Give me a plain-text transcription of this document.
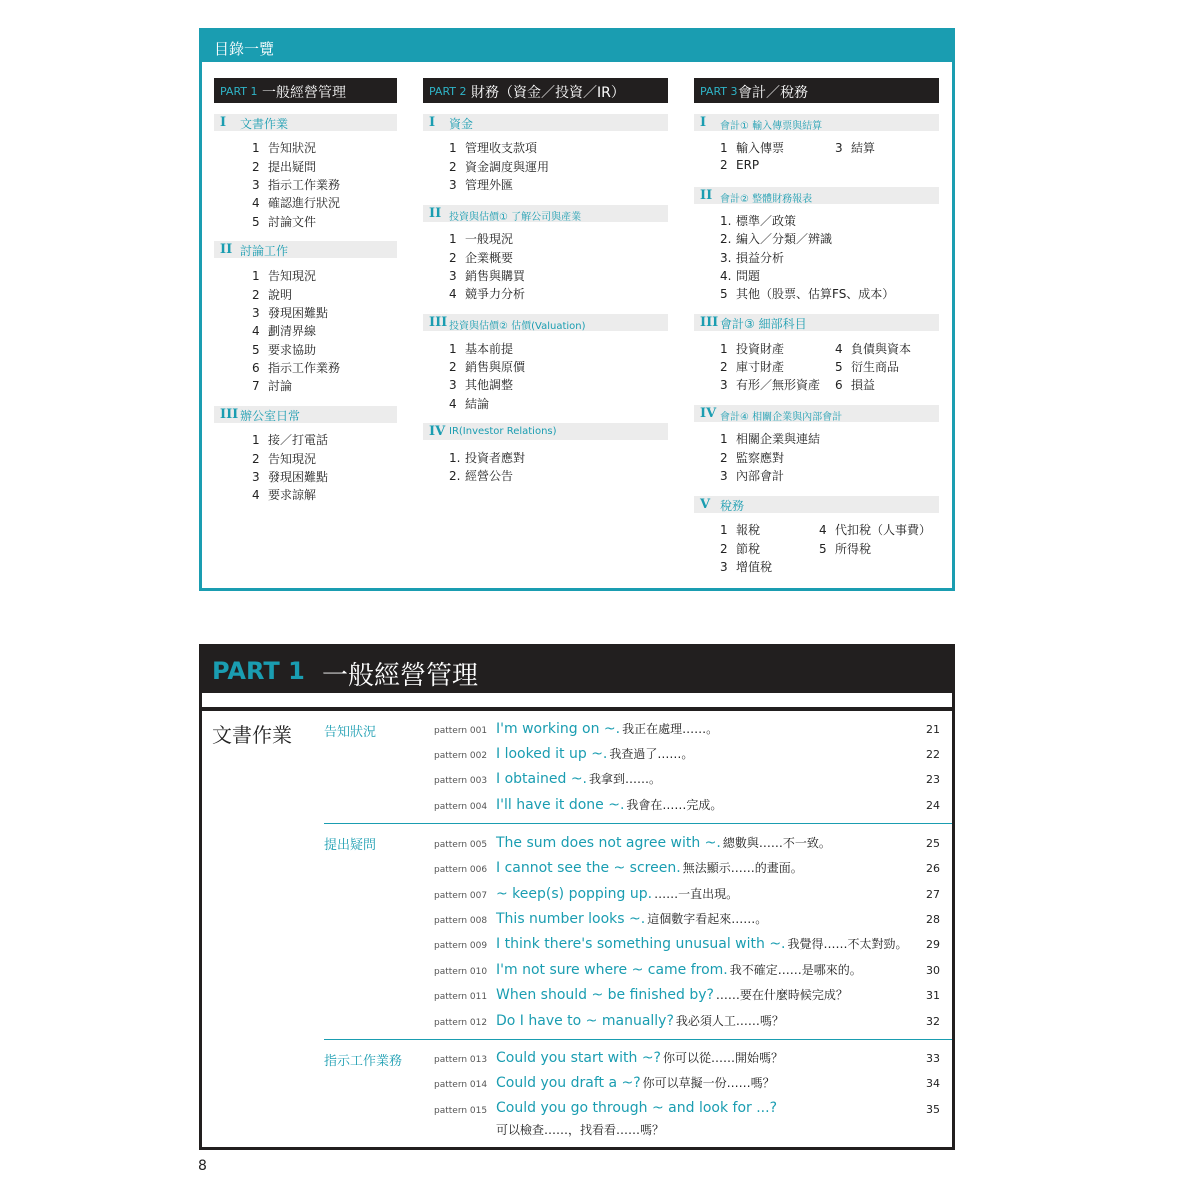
目錄一覽
PART 1 一般經營管理	PART 2 財務（資金／投資／IR）	PART 3 會計／稅務
I 文書作業
1 告知狀況
2 提出疑問
3 指示工作業務
4 確認進行狀況
5 討論文件
II 討論工作
1 告知現況
2 說明
3 發現困難點
4 劃清界線
5 要求協助
6 指示工作業務
7 討論
III 辦公室日常
1 接／打電話
2 告知現況
3 發現困難點
4 要求諒解
I 資金
1 管理收支款項
2 資金調度與運用
3 管理外匯
II 投資與估價① 了解公司與產業
1 一般現況
2 企業概要
3 銷售與購買
4 競爭力分析
III 投資與估價② 估價(Valuation)
1 基本前提
2 銷售與原價
3 其他調整
4 結論
IV IR(Investor Relations)
1. 投資者應對
2. 經營公告
I 會計① 輸入傳票與結算
1 輸入傳票
2 ERP
3 結算
II 會計② 整體財務報表
1. 標準／政策
2. 編入／分類／辨識
3. 損益分析
4. 問題
5 其他（股票、估算FS、成本）
III 會計③ 細部科目
1 投資財產
2 庫寸財產
3 有形／無形資產
4 負債與資本
5 衍生商品
6 損益
IV 會計④ 相關企業與內部會計
1 相關企業與連結
2 監察應對
3 內部會計
V 稅務
1 報稅
2 節稅
3 增值稅
4 代扣稅（人事費）
5 所得稅
PART 1 一般經營管理
文書作業 告知狀況	pattern 001 I'm working on ~. 我正在處理……。	21
pattern 002 I looked it up ~. 我查過了……。	22
pattern 003 I obtained ~. 我拿到……。	23
pattern 004 I'll have it done ~. 我會在……完成。	24
提出疑問	pattern 005 The sum does not agree with ~. 總數與……不一致。	25
pattern 006 I cannot see the ~ screen. 無法顯示……的畫面。	26
pattern 007 ~ keep(s) popping up. ……一直出現。	27
pattern 008 This number looks ~. 這個數字看起來……。	28
pattern 009 I think there's something unusual with ~. 我覺得……不太對勁。 29
pattern 010 I'm not sure where ~ came from. 我不確定……是哪來的。	30
pattern 011 When should ~ be finished by? ……要在什麼時候完成？	31
pattern 012 Do I have to ~ manually? 我必須人工……嗎？	32
指示工作業務	pattern 013 Could you start with ~? 你可以從……開始嗎？	33
pattern 014 Could you draft a ~? 你可以草擬一份……嗎？	34
pattern 015 Could you go through ~ and look for ...?	35
可以檢查……，找看看……嗎？
8
